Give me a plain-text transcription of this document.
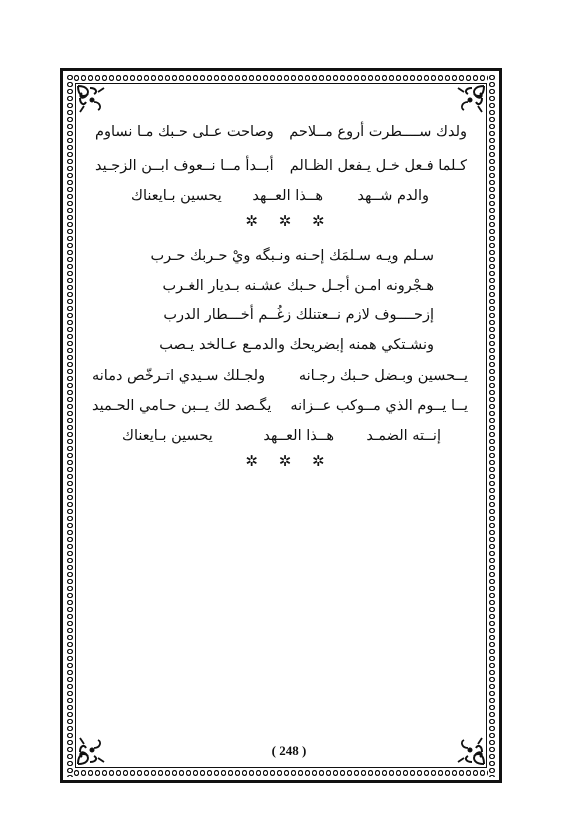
ولدك ســــطرت أروع مــلاحم
وصاحت عـلى حـبك مـا نساوم
كـلما فـعل خـل يـفعل الظـالم
أبــدأ مــا نــعوف ابــن الزجـيد
والدم شــهد
هــذا العــهد
يحسين بـايعناك
✲ ✲ ✲
سـلم ويـه سـلمَك إحـنه ونـبگه ويْ حـربك حـرب
هـجْرونه امـن أجـل حـبك عشـنه بـديار الغـرب
إزحــــوف لازم نــعتنلك زغُــم أخـــطار الدرب
ونشـتكي همنه إبضريحك والدمـع عـالخد يـصب
يــحسين وبـضل حـبك رجـانه
ولجـلك سـيدي اتـرخّص دمانه
يــا يــوم الذي مــوكب عــزانه
يگـصد لك يــبن حـامي الحـميد
إنــته الضمـد
هــذا العــهد
يحسين بـايعناك
✲ ✲ ✲
( 248 )
